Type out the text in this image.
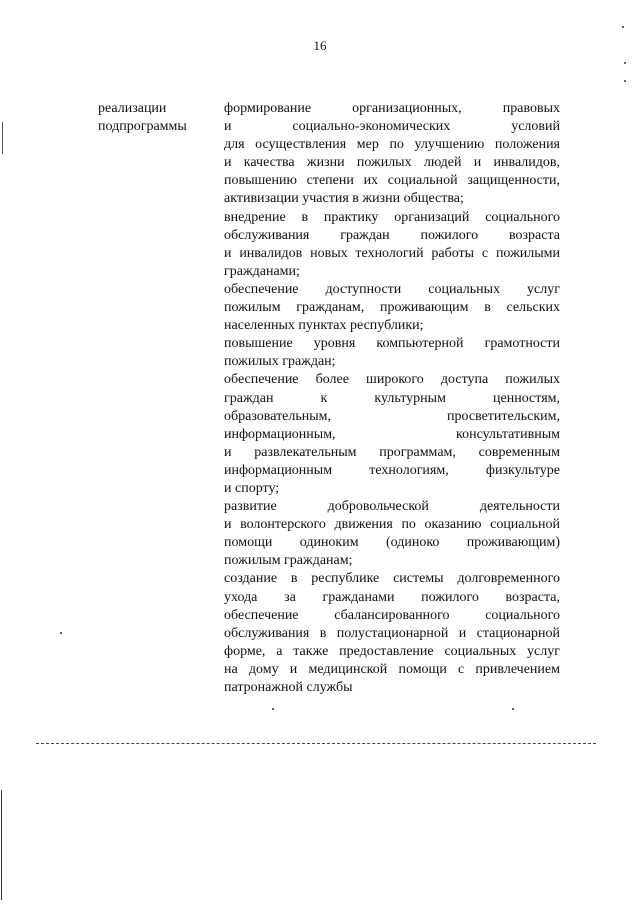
16
реализации
подпрограммы
формирование организационных, правовых
и социально-экономических условий
для осуществления мер по улучшению положения
и качества жизни пожилых людей и инвалидов,
повышению степени их социальной защищенности,
активизации участия в жизни общества;
внедрение в практику организаций социального
обслуживания граждан пожилого возраста
и инвалидов новых технологий работы с пожилыми
гражданами;
обеспечение доступности социальных услуг
пожилым гражданам, проживающим в сельских
населенных пунктах республики;
повышение уровня компьютерной грамотности
пожилых граждан;
обеспечение более широкого доступа пожилых
граждан к культурным ценностям,
образовательным, просветительским,
информационным, консультативным
и развлекательным программам, современным
информационным технологиям, физкультуре
и спорту;
развитие добровольческой деятельности
и волонтерского движения по оказанию социальной
помощи одиноким (одиноко проживающим)
пожилым гражданам;
создание в республике системы долговременного
ухода за гражданами пожилого возраста,
обеспечение сбалансированного социального
обслуживания в полустационарной и стационарной
форме, а также предоставление социальных услуг
на дому и медицинской помощи с привлечением
патронажной службы
